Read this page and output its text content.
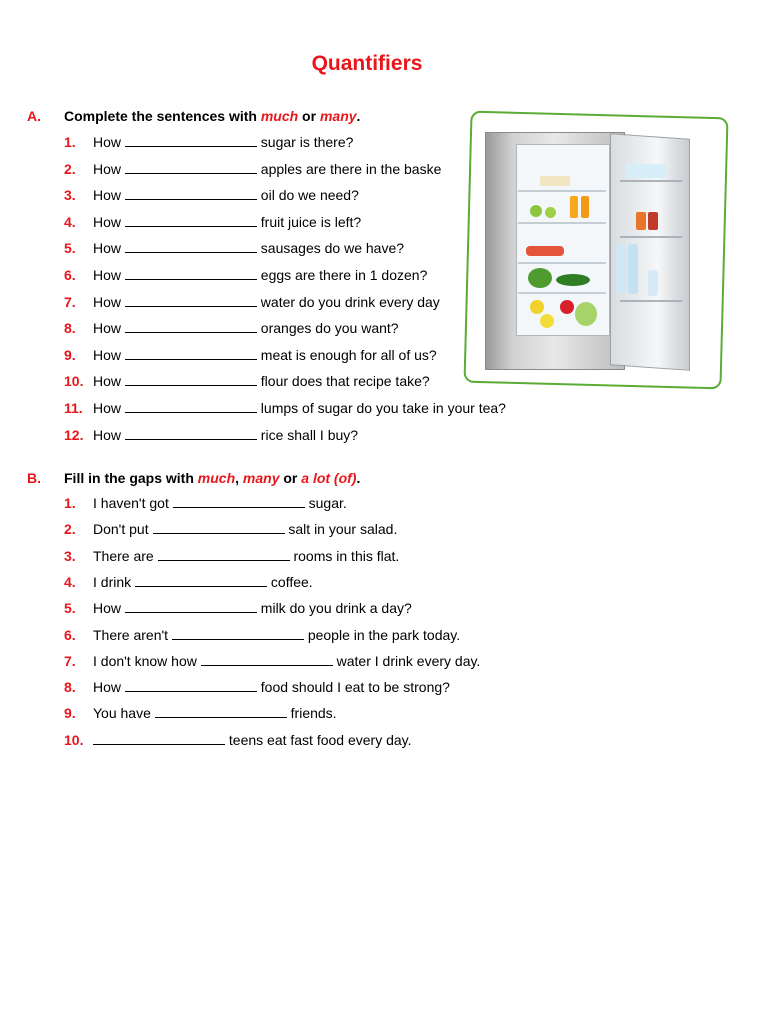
Quantifiers
A. Complete the sentences with much or many.
1.	How	sugar is there?
2.	How	apples are there in the baske
3.	How	oil do we need?
4.	How	fruit juice is left?
5.	How	sausages do we have?
6.	How	eggs are there in 1 dozen?
7.	How	water do you drink every day
8.	How	oranges do you want?
9.	How	meat is enough for all of us?
10. How	flour does that recipe take?
11. How	lumps of sugar do you take in your tea?
12. How	rice shall I buy?
B. Fill in the gaps with much, many or a lot (of).
1.	I haven't got	sugar.
2.	Don't put	salt in your salad.
3.	There are	rooms in this flat.
4.	I drink	coffee.
5.	How	milk do you drink a day?
6.	There aren't	people in the park today.
7.	I don't know how	water I drink every day.
8.	How	food should I eat to be strong?
9.	You have	friends.
10.	teens eat fast food every day.
